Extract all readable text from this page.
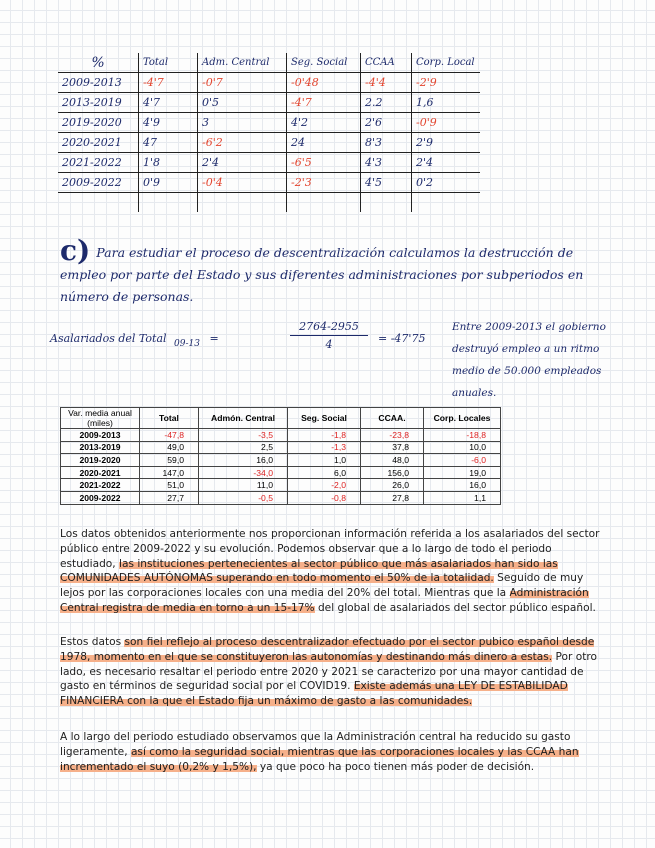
%	Total	Adm. Central	Seg. Social	CCAA	Corp. Local
2009-2013	-4'7	-0'7	-0'48	-4'4	-2'9
2013-2019	4'7	0'5	-4'7	2.2	1,6
2019-2020	4'9	3	4'2	2'6	-0'9
2020-2021	47	-6'2	24	8'3	2'9
2021-2022	1'8	2'4	-6'5	4'3	2'4
2009-2022	0'9	-0'4	-2'3	4'5	0'2

c) Para estudiar el proceso de descentralización calculamos la destrucción de empleo por parte del Estado y sus diferentes administraciones por subperiodos en número de personas.
Asalariados del Total $_{09-13}$ =	$\frac{2764-2955}{4} = -47'75$
Entre 2009-2013 el gobierno destruyó empleo a un ritmo medio de 50.000 empleados anuales.
Var. media anual (miles)	Total	Admón. Central	Seg. Social	CCAA.	Corp. Locales
2009-2013	-47,8	-3,5	-1,8	-23,8	-18,8
2013-2019	49,0	2,5	-1,3	37,8	10,0
2019-2020	59,0	16,0	1,0	48,0	-6,0
2020-2021	147,0	-34,0	6,0	156,0	19,0
2021-2022	51,0	11,0	-2,0	26,0	16,0
2009-2022	27,7	-0,5	-0,8	27,8	1,1
Los datos obtenidos anteriormente nos proporcionan información referida a los asalariados del sector público entre 2009-2022 y su evolución. Podemos observar que a lo largo de todo el periodo estudiado, las instituciones pertenecientes al sector público que más asalariados han sido las COMUNIDADES AUTÓNOMAS superando en todo momento el 50% de la totalidad. Seguido de muy lejos por las corporaciones locales con una media del 20% del total. Mientras que la Administración Central registra de media en torno a un 15-17% del global de asalariados del sector público español.
Estos datos son fiel reflejo al proceso descentralizador efectuado por el sector pubico español desde 1978, momento en el que se constituyeron las autonomías y destinando más dinero a estas. Por otro lado, es necesario resaltar el periodo entre 2020 y 2021 se caracterizo por una mayor cantidad de gasto en términos de seguridad social por el COVID19. Existe además una LEY DE ESTABILIDAD FINANCIERA con la que el Estado fija un máximo de gasto a las comunidades.
A lo largo del periodo estudiado observamos que la Administración central ha reducido su gasto ligeramente, así como la seguridad social, mientras que las corporaciones locales y las CCAA han incrementado el suyo (0,2% y 1,5%), ya que poco ha poco tienen más poder de decisión.
